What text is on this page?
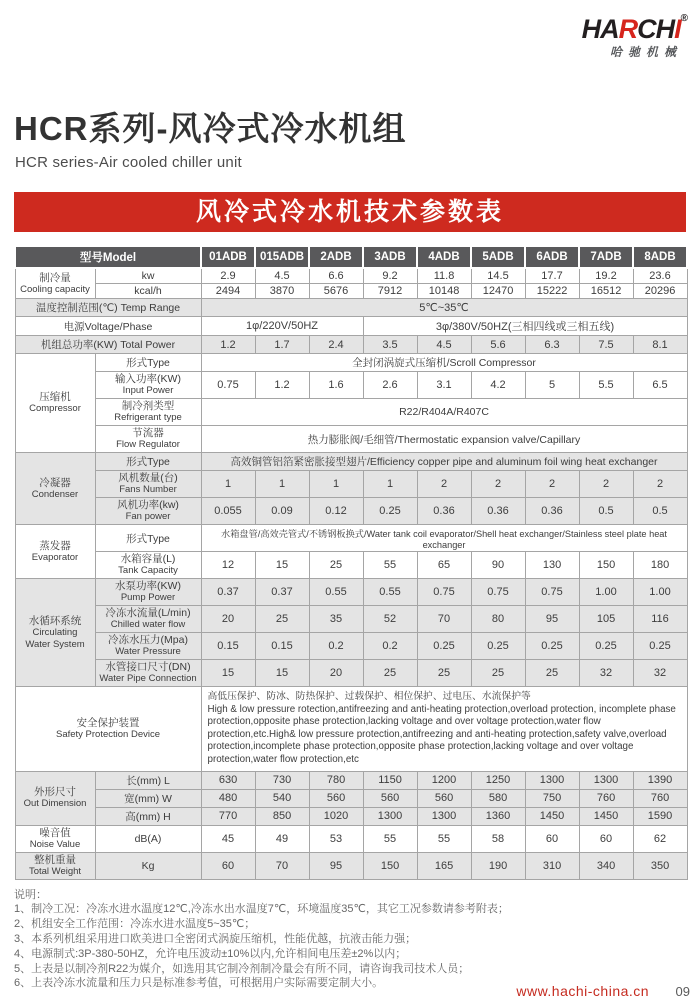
HARCHI®
哈驰机械
HCR系列-风冷式冷水机组
HCR series-Air cooled chiller unit
风冷式冷水机技术参数表
型号Model		01ADB	015ADB	2ADB	3ADB	4ADB	5ADB	6ADB	7ADB	8ADB

制冷量
Cooling capacity	kw	2.9	4.5	6.6	9.2	11.8	14.5	17.7	19.2	23.6
	kcal/h	2494	3870	5676	7912	10148	12470	15222	16512	20296
温度控制范围(℃) Temp Range		5℃~35℃								
电源Voltage/Phase		1φ/220V/50HZ			3φ/380V/50HZ(三相四线或三相五线)					
机组总功率(KW) Total Power		1.2	1.7	2.4	3.5	4.5	5.6	6.3	7.5	8.1

压缩机
Compressor	形式Type	全封闭涡旋式压缩机/Scroll Compressor								

	输入功率(KW)
Input Power	0.75	1.2	1.6	2.6	3.1	4.2	5	5.5	6.5

	制冷剂类型
Refrigerant type	R22/R404A/R407C								

	节流器
Flow Regulator	热力膨胀阀/毛细管/Thermostatic expansion valve/Capillary								

冷凝器
Condenser	形式Type	高效铜管铝箔紧密胀接型翅片/Efficiency copper pipe and aluminum foil wing heat exchanger								

	风机数量(台)
Fans Number	1	1	1	1	2	2	2	2	2

	风机功率(kw)
Fan power	0.055	0.09	0.12	0.25	0.36	0.36	0.36	0.5	0.5

蒸发器
Evaporator	形式Type	水箱盘管/高效壳管式/不锈钢板换式/Water tank coil evaporator/Shell heat exchanger/Stainless steel plate heat exchanger								

	水箱容量(L)
Tank Capacity	12	15	25	55	65	90	130	150	180

水循环系统
Circulating
Water System

水泵功率(KW)
Pump Power	0.37	0.37	0.55	0.55	0.75	0.75	0.75	1.00	1.00

	冷冻水流量(L/min)
Chilled water flow	20	25	35	52	70	80	95	105	116

	冷冻水压力(Mpa)
Water Pressure	0.15	0.15	0.2	0.2	0.25	0.25	0.25	0.25	0.25

	水管接口尺寸(DN)
Water Pipe Connection	15	15	20	25	25	25	25	32	32

安全保护装置
Safety Protection Device

高低压保护、防冰、防热保护、过载保护、相位保护、过电压、水流保护等
High & low pressure rotection,antifreezing and anti-heating protection,overload protection, incomplete phase protection,opposite phase protection,lacking voltage and over voltage protection,water flow protection,etc.High& low pressure protection,antifreezing and anti-heating protection,safety valve,overload protection,incomplete phase protection,opposite phase protection,lacking voltage and over voltage protection,water flow protection,etc

外形尺寸
Out Dimension	长(mm) L	630	730	780	1150	1200	1250	1300	1300	1390
	宽(mm) W	480	540	560	560	560	580	750	760	760
	高(mm) H	770	850	1020	1300	1300	1360	1450	1450	1590

噪音值
Noise Value	dB(A)	45	49	53	55	55	58	60	60	62

整机重量
Total Weight	Kg	60	70	95	150	165	190	310	340	350
说明：
1、制冷工况：冷冻水进水温度12℃,冷冻水出水温度7℃，环境温度35℃，其它工况参数请参考附表；
2、机组安全工作范围：冷冻水进水温度5~35℃；
3、本系列机组采用进口欧美进口全密闭式涡旋压缩机，性能优越，抗液击能力强；
4、电源制式:3P-380-50HZ，允许电压波动±10%以内,允许相间电压差±2%以内；
5、上表是以制冷剂R22为媒介，如选用其它制冷剂制冷量会有所不同，请咨询我司技术人员；
6、上表冷冻水流量和压力只是标准参考值，可根据用户实际需要定制大小。	www.hachi-china.cn 09
